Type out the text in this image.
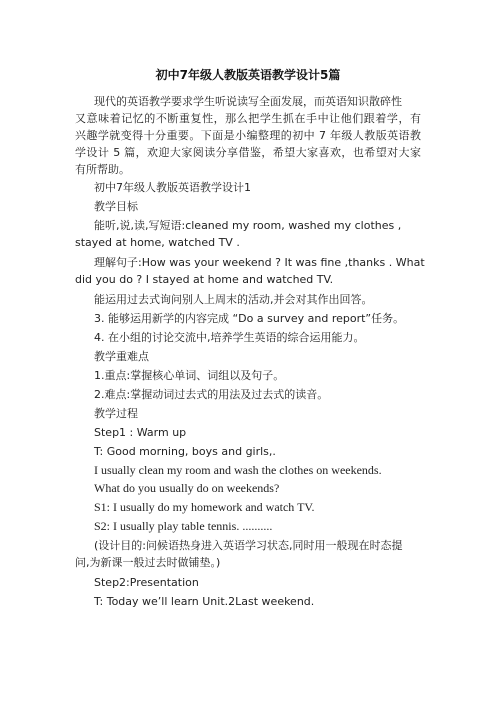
初中7年级人教版英语教学设计5篇
现代的英语教学要求学生听说读写全面发展，而英语知识散碎性
又意味着记忆的不断重复性，那么把学生抓在手中让他们跟着学，有
兴趣学就变得十分重要。下面是小编整理的初中 7 年级人教版英语教
学设计 5 篇，欢迎大家阅读分享借鉴，希望大家喜欢，也希望对大家
有所帮助。
初中7年级人教版英语教学设计1
教学目标
能听,说,读,写短语:cleaned my room, washed my clothes ,
stayed at home, watched TV .
理解句子:How was your weekend ? It was fine ,thanks . What
did you do ? I stayed at home and watched TV.
能运用过去式询问别人上周末的活动,并会对其作出回答。
3. 能够运用新学的内容完成 “Do a survey and report”任务。
4. 在小组的讨论交流中,培养学生英语的综合运用能力。
教学重难点
1.重点:掌握核心单词、词组以及句子。
2.难点:掌握动词过去式的用法及过去式的读音。
教学过程
Step1 : Warm up
T: Good morning, boys and girls,.
I usually clean my room and wash the clothes on weekends.
What do you usually do on weekends?
S1: I usually do my homework and watch TV.
S2: I usually play table tennis. ..........
(设计目的:问候语热身进入英语学习状态,同时用一般现在时态提
问,为新课一般过去时做铺垫。)
Step2:Presentation
T: Today we’ll learn Unit.2Last weekend.
